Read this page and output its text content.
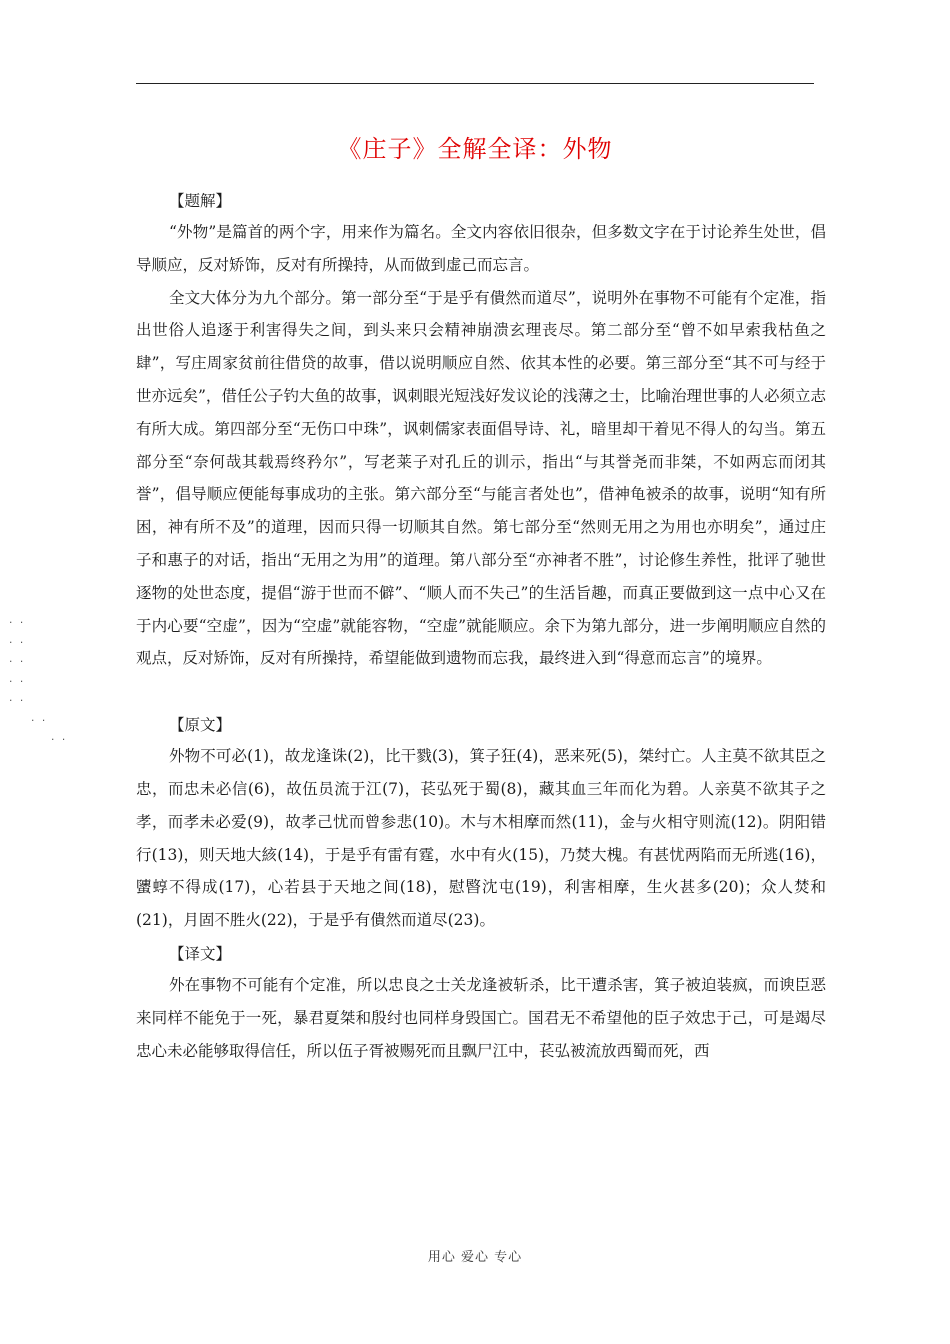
《庄子》全解全译：外物
【题解】

“外物”是篇首的两个字，用来作为篇名。全文内容依旧很杂，但多数文字在于讨论养生处世，倡导顺应，反对矫饰，反对有所操持，从而做到虚己而忘言。

全文大体分为九个部分。第一部分至“于是乎有僓然而道尽”，说明外在事物不可能有个定准，指出世俗人追逐于利害得失之间，到头来只会精神崩溃玄理丧尽。第二部分至“曾不如早索我枯鱼之肆”，写庄周家贫前往借贷的故事，借以说明顺应自然、依其本性的必要。第三部分至“其不可与经于世亦远矣”，借任公子钓大鱼的故事，讽刺眼光短浅好发议论的浅薄之士，比喻治理世事的人必须立志有所大成。第四部分至“无伤口中珠”，讽刺儒家表面倡导诗、礼，暗里却干着见不得人的勾当。第五部分至“奈何哉其载焉终矜尔”，写老莱子对孔丘的训示，指出“与其誉尧而非桀，不如两忘而闭其誉”，倡导顺应便能每事成功的主张。第六部分至“与能言者处也”，借神龟被杀的故事，说明“知有所困，神有所不及”的道理，因而只得一切顺其自然。第七部分至“然则无用之为用也亦明矣”，通过庄子和惠子的对话，指出“无用之为用”的道理。第八部分至“亦神者不胜”，讨论修生养性，批评了驰世逐物的处世态度，提倡“游于世而不僻”、“顺人而不失己”的生活旨趣，而真正要做到这一点中心又在于内心要“空虚”，因为“空虚”就能容物，“空虚”就能顺应。余下为第九部分，进一步阐明顺应自然的观点，反对矫饰，反对有所操持，希望能做到遗物而忘我，最终进入到“得意而忘言”的境界。

【原文】

外物不可必(1)，故龙逢诛(2)，比干戮(3)，箕子狂(4)，恶来死(5)，桀纣亡。人主莫不欲其臣之忠，而忠未必信(6)，故伍员流于江(7)，苌弘死于蜀(8)，藏其血三年而化为碧。人亲莫不欲其子之孝，而孝未必爱(9)，故孝己忧而曾参悲(10)。木与木相摩而然(11)，金与火相守则流(12)。阴阳错行(13)，则天地大絯(14)，于是乎有雷有霆，水中有火(15)，乃焚大槐。有甚忧两陷而无所逃(16)，螴蜳不得成(17)，心若县于天地之间(18)，慰暋沈屯(19)，利害相摩，生火甚多(20)；众人焚和(21)，月固不胜火(22)，于是乎有僓然而道尽(23)。

【译文】

外在事物不可能有个定准，所以忠良之士关龙逢被斩杀，比干遭杀害，箕子被迫装疯，而谀臣恶来同样不能免于一死，暴君夏桀和殷纣也同样身毁国亡。国君无不希望他的臣子效忠于己，可是竭尽忠心未必能够取得信任，所以伍子胥被赐死而且飘尸江中，苌弘被流放西蜀而死，西

. .
. .
. .
. .
. .
. .
. .
用心 爱心 专心
